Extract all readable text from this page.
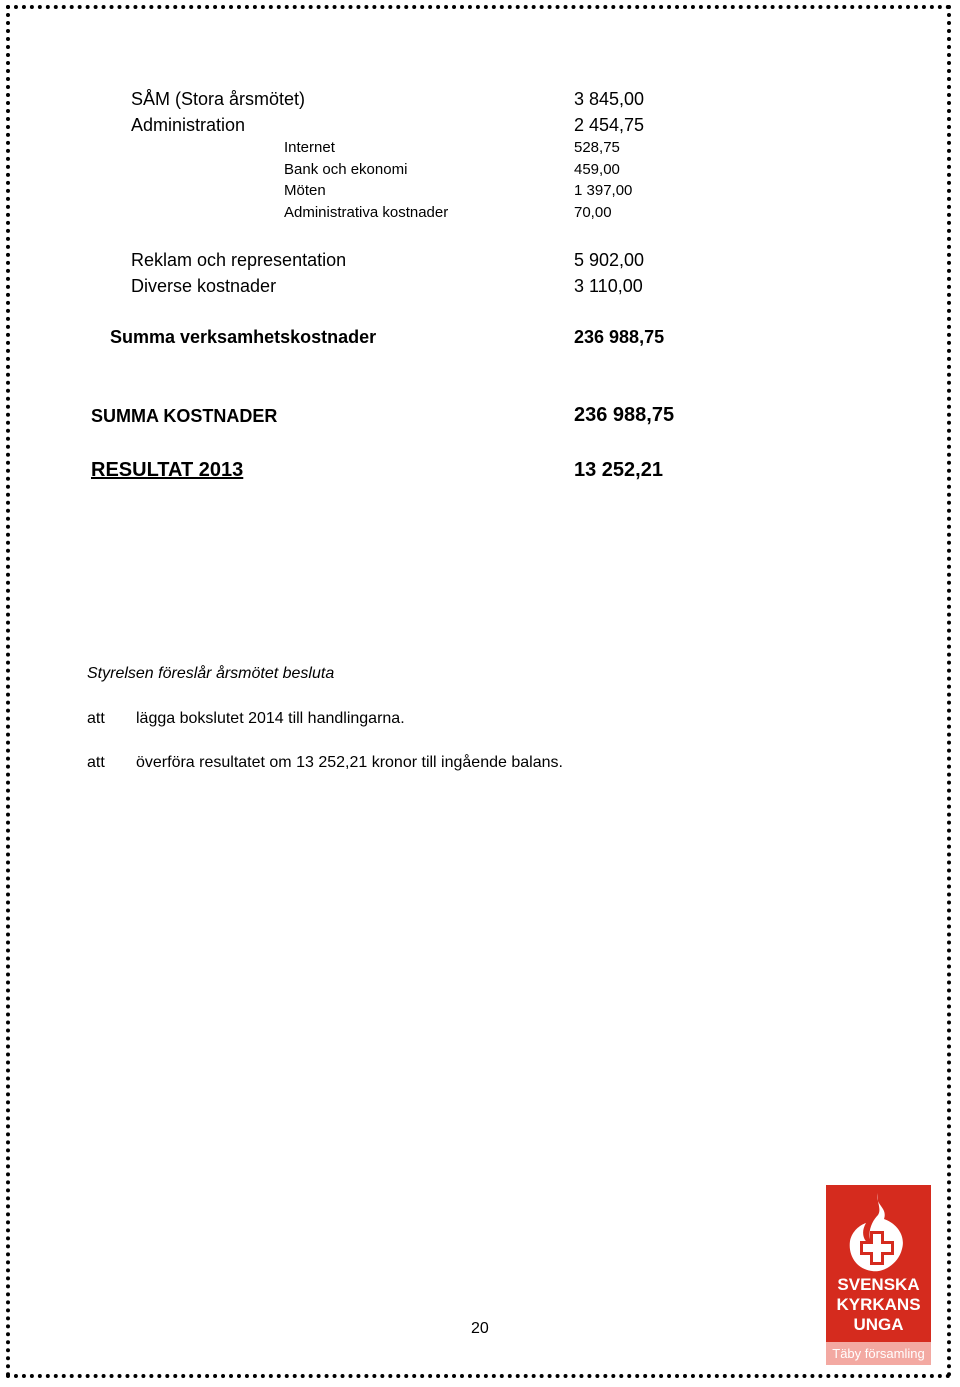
SÅM (Stora årsmötet)	3 845,00
Administration	2 454,75
Internet	528,75
Bank och ekonomi	459,00
Möten	1 397,00
Administrativa kostnader	70,00
Reklam och representation	5 902,00
Diverse kostnader	3 110,00
Summa verksamhetskostnader	236 988,75
SUMMA KOSTNADER	236 988,75
RESULTAT 2013	13 252,21
Styrelsen föreslår årsmötet besluta
att lägga bokslutet 2014 till handlingarna.
att överföra resultatet om 13 252,21 kronor till ingående balans.
20
SVENSKA
KYRKANS
UNGA
Täby församling
